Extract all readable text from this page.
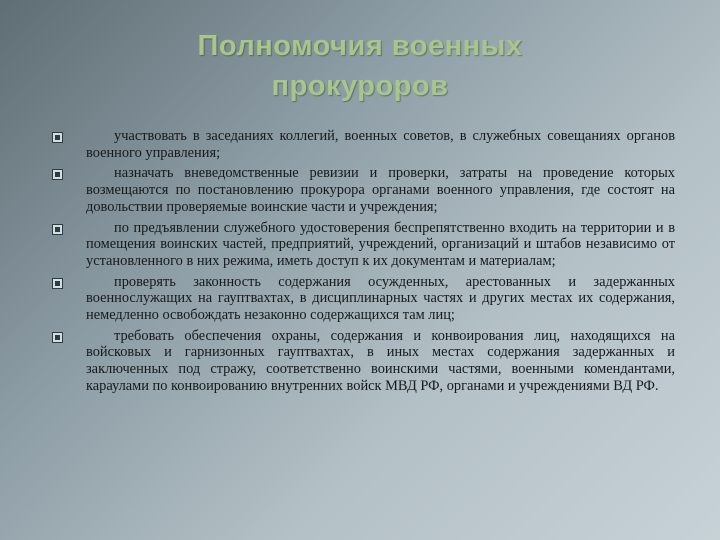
Полномочия военных
прокуроров
участвовать в заседаниях коллегий, военных советов, в служебных совещаниях органов военного управления;
назначать вневедомственные ревизии и проверки, затраты на проведение которых возмещаются по постановлению прокурора органами военного управления, где состоят на довольствии проверяемые воинские части и учреждения;
по предъявлении служебного удостоверения беспрепятственно входить на территории и в помещения воинских частей, предприятий, учреждений, организаций и штабов независимо от установленного в них режима, иметь доступ к их документам и материалам;
проверять законность содержания осужденных, арестованных и задержанных военнослужащих на гауптвахтах, в дисциплинарных частях и других местах их содержания, немедленно освобождать незаконно содержащихся там лиц;
требовать обеспечения охраны, содержания и конвоирования лиц, находящихся на войсковых и гарнизонных гауптвахтах, в иных местах содержания задержанных и заключенных под стражу, соответственно воинскими частями, военными комендантами, караулами по конвоированию внутренних войск МВД РФ, органами и учреждениями ВД РФ.
